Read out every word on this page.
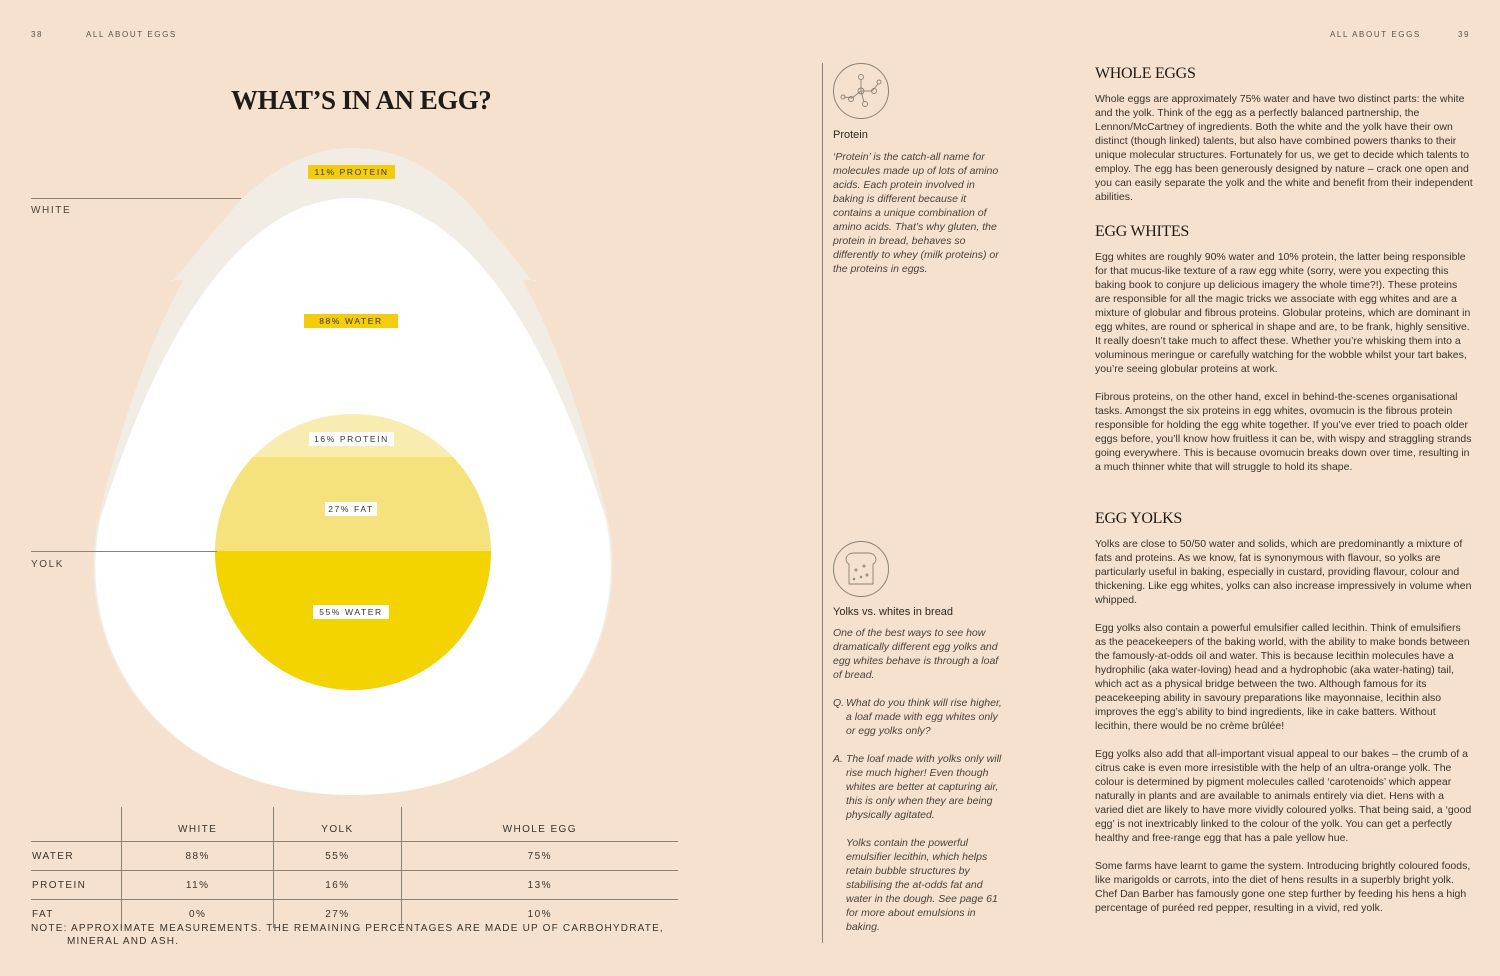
38	ALL ABOUT EGGS	ALL ABOUT EGGS	39
WHAT’S IN AN EGG?
WHITE
YOLK
11% PROTEIN
88% WATER
16% PROTEIN
27% FAT
55% WATER
	WHITE	YOLK	WHOLE EGG
WATER	88%	55%	75%
PROTEIN	11%	16%	13%
FAT	0%	27%	10%
NOTE: APPROXIMATE MEASUREMENTS. THE REMAINING PERCENTAGES ARE MADE UP OF CARBOHYDRATE,
MINERAL AND ASH.
Protein

‘Protein’ is the catch-all name for molecules made up of lots of amino acids. Each protein involved in baking is different because it contains a unique combination of amino acids. That’s why gluten, the protein in bread, behaves so differently to whey (milk proteins) or the proteins in eggs.

Yolks vs. whites in bread

One of the best ways to see how dramatically different egg yolks and egg whites behave is through a loaf of bread.

Q. What do you think will rise higher, a loaf made with egg whites only or egg yolks only?
A. The loaf made with yolks only will rise much higher! Even though whites are better at capturing air, this is only when they are being physically agitated.
Yolks contain the powerful emulsifier lecithin, which helps retain bubble structures by stabilising the at-odds fat and water in the dough. See page 61 for more about emulsions in baking.
WHOLE EGGS

Whole eggs are approximately 75% water and have two distinct parts: the white and the yolk. Think of the egg as a perfectly balanced partnership, the Lennon/McCartney of ingredients. Both the white and the yolk have their own distinct (though linked) talents, but also have combined powers thanks to their unique molecular structures. Fortunately for us, we get to decide which talents to employ. The egg has been generously designed by nature – crack one open and you can easily separate the yolk and the white and benefit from their independent abilities.

EGG WHITES

Egg whites are roughly 90% water and 10% protein, the latter being responsible for that mucus-like texture of a raw egg white (sorry, were you expecting this baking book to conjure up delicious imagery the whole time?!). These proteins are responsible for all the magic tricks we associate with egg whites and are a mixture of globular and fibrous proteins. Globular proteins, which are dominant in egg whites, are round or spherical in shape and are, to be frank, highly sensitive. It really doesn’t take much to affect these. Whether you’re whisking them into a voluminous meringue or carefully watching for the wobble whilst your tart bakes, you’re seeing globular proteins at work.

Fibrous proteins, on the other hand, excel in behind-the-scenes organisational tasks. Amongst the six proteins in egg whites, ovomucin is the fibrous protein responsible for holding the egg white together. If you’ve ever tried to poach older eggs before, you’ll know how fruitless it can be, with wispy and straggling strands going everywhere. This is because ovomucin breaks down over time, resulting in a much thinner white that will struggle to hold its shape.

EGG YOLKS

Yolks are close to 50/50 water and solids, which are predominantly a mixture of fats and proteins. As we know, fat is synonymous with flavour, so yolks are particularly useful in baking, especially in custard, providing flavour, colour and thickening. Like egg whites, yolks can also increase impressively in volume when whipped.

Egg yolks also contain a powerful emulsifier called lecithin. Think of emulsifiers as the peacekeepers of the baking world, with the ability to make bonds between the famously-at-odds oil and water. This is because lecithin molecules have a hydrophilic (aka water-loving) head and a hydrophobic (aka water-hating) tail, which act as a physical bridge between the two. Although famous for its peacekeeping ability in savoury preparations like mayonnaise, lecithin also improves the egg’s ability to bind ingredients, like in cake batters. Without lecithin, there would be no crème brûlée!

Egg yolks also add that all-important visual appeal to our bakes – the crumb of a citrus cake is even more irresistible with the help of an ultra-orange yolk. The colour is determined by pigment molecules called ‘carotenoids’ which appear naturally in plants and are available to animals entirely via diet. Hens with a varied diet are likely to have more vividly coloured yolks. That being said, a ‘good egg’ is not inextricably linked to the colour of the yolk. You can get a perfectly healthy and free-range egg that has a pale yellow hue.

Some farms have learnt to game the system. Introducing brightly coloured foods, like marigolds or carrots, into the diet of hens results in a superbly bright yolk. Chef Dan Barber has famously gone one step further by feeding his hens a high percentage of puréed red pepper, resulting in a vivid, red yolk.
